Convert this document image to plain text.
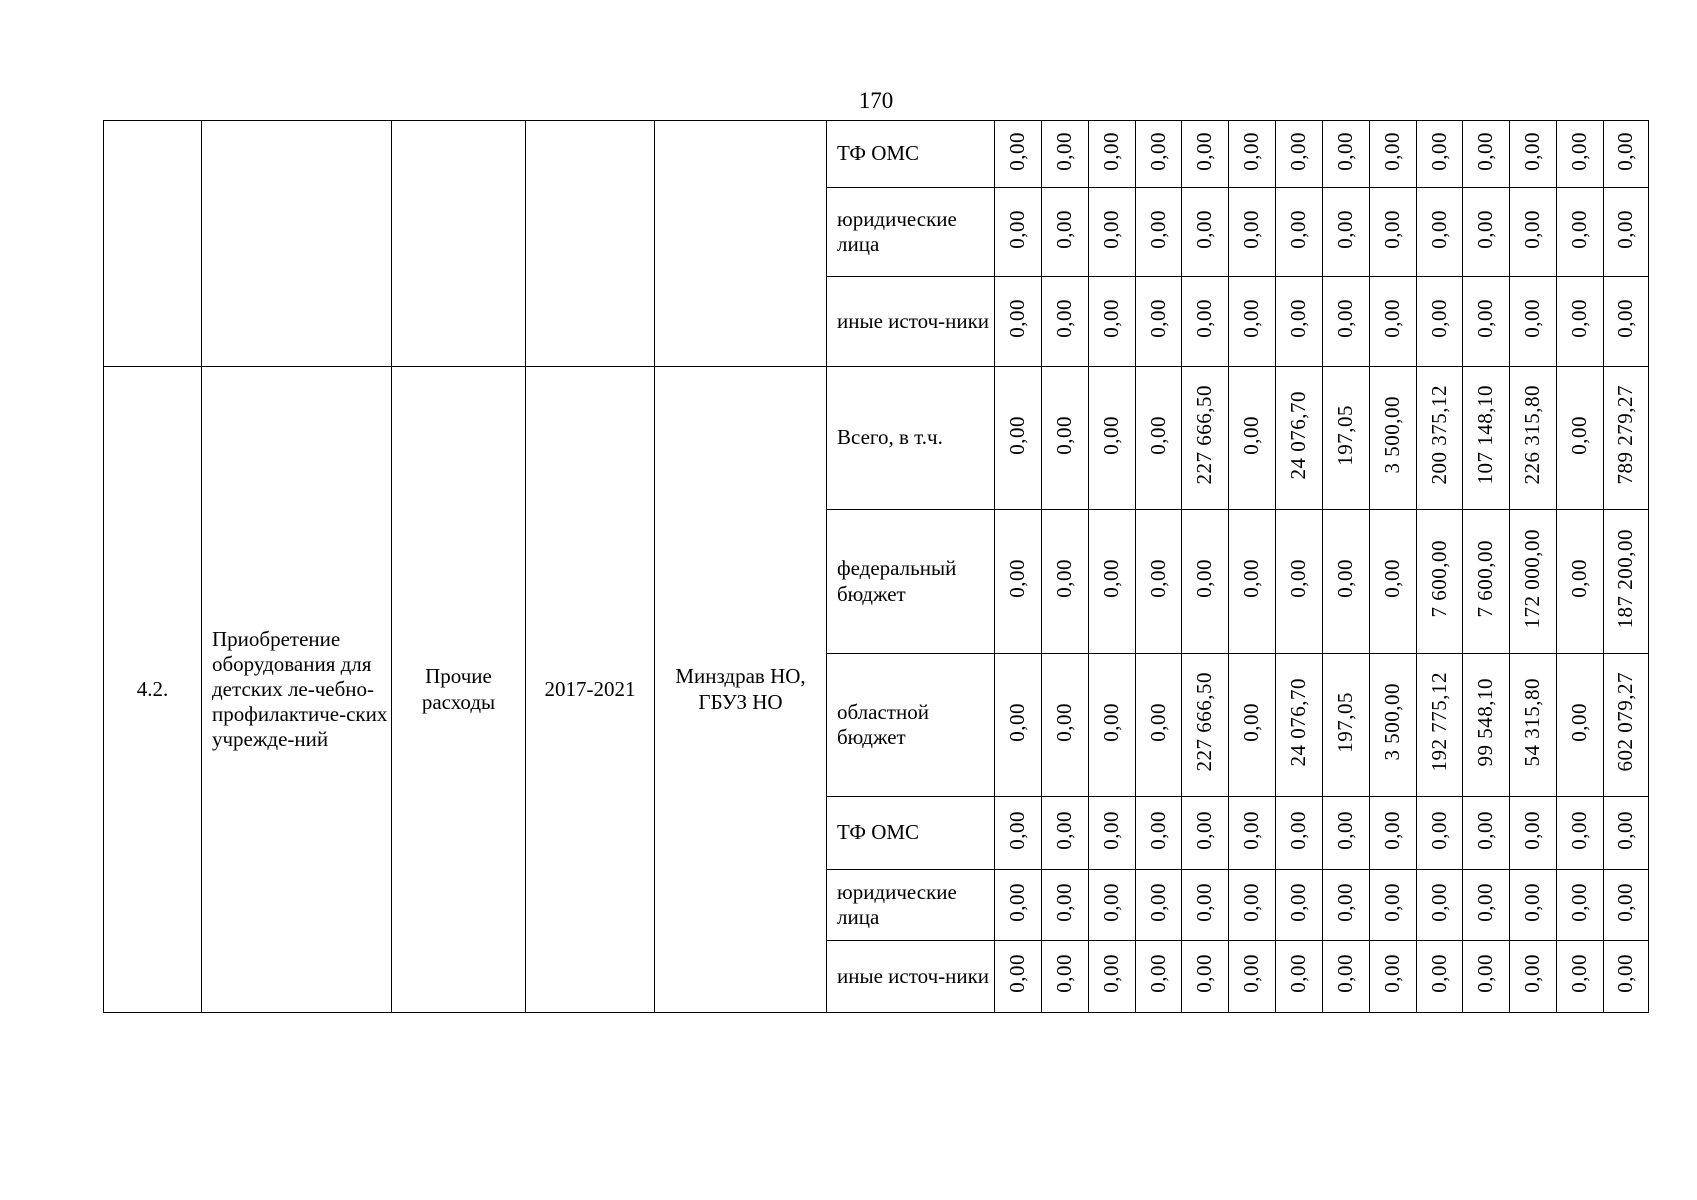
170
					ТФ ОМС	0,00	0,00	0,00	0,00	0,00	0,00	0,00	0,00	0,00	0,00	0,00	0,00	0,00	0,00
					юридические лица	0,00	0,00	0,00	0,00	0,00	0,00	0,00	0,00	0,00	0,00	0,00	0,00	0,00	0,00
					иные источ-ники	0,00	0,00	0,00	0,00	0,00	0,00	0,00	0,00	0,00	0,00	0,00	0,00	0,00	0,00
4.2.	Приобретение оборудования для детских ле-чебно-профилактиче-ских учрежде-ний	Прочие расходы	2017-2021	Минздрав НО, ГБУЗ НО	Всего, в т.ч.	0,00	0,00	0,00	0,00	227 666,50	0,00	24 076,70	197,05	3 500,00	200 375,12	107 148,10	226 315,80	0,00	789 279,27
					федеральный бюджет	0,00	0,00	0,00	0,00	0,00	0,00	0,00	0,00	0,00	7 600,00	7 600,00	172 000,00	0,00	187 200,00
					областной бюджет	0,00	0,00	0,00	0,00	227 666,50	0,00	24 076,70	197,05	3 500,00	192 775,12	99 548,10	54 315,80	0,00	602 079,27
					ТФ ОМС	0,00	0,00	0,00	0,00	0,00	0,00	0,00	0,00	0,00	0,00	0,00	0,00	0,00	0,00
					юридические лица	0,00	0,00	0,00	0,00	0,00	0,00	0,00	0,00	0,00	0,00	0,00	0,00	0,00	0,00
					иные источ-ники	0,00	0,00	0,00	0,00	0,00	0,00	0,00	0,00	0,00	0,00	0,00	0,00	0,00	0,00
